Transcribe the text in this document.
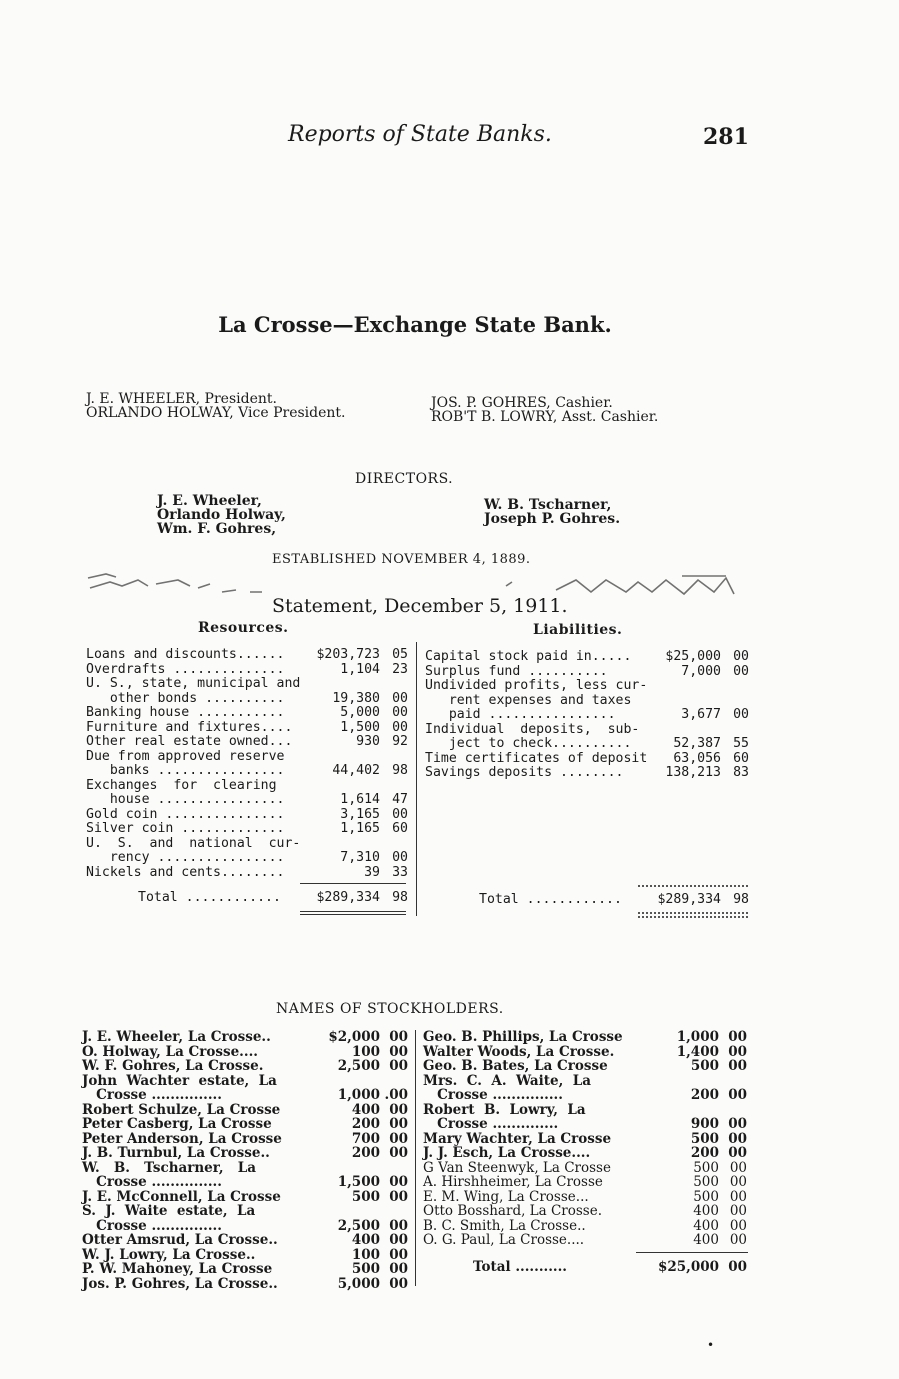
Reports of State Banks.	281
La Crosse—Exchange State Bank.
J. E. WHEELER, President.
ORLANDO HOLWAY, Vice President.
JOS. P. GOHRES, Cashier.
ROB'T B. LOWRY, Asst. Cashier.
DIRECTORS.
J. E. Wheeler,
Orlando Holway,
Wm. F. Gohres,
W. B. Tscharner,
Joseph P. Gohres.
ESTABLISHED NOVEMBER 4, 1889.
Statement, December 5, 1911.
Resources.
Loans and discounts...... $203,723 05
Overdrafts ..............	1,104 23
U. S., state, municipal and
other bonds ..........	19,380 00
Banking house ...........	5,000 00
Furniture and fixtures....	1,500 00
Other real estate owned...	930 92
Due from approved reserve
banks ................	44,402 98
Exchanges  for  clearing
house ................	1,614 47
Gold coin ...............	3,165 00
Silver coin .............	1,165 60
U.  S.  and  national  cur-
rency ................	7,310 00
Nickels and cents........	39 33
Total ............	$289,334 98
Liabilities.
Capital stock paid in.....	$25,000 00
Surplus fund ..........	7,000 00
Undivided profits, less cur-
rent expenses and taxes
paid ................	3,677 00
Individual  deposits,  sub-
ject to check..........	52,387 55
Time certificates of deposit 63,056 60
Savings deposits ........	138,213 83
Total ............	$289,334 98
NAMES OF STOCKHOLDERS.
J. E. Wheeler, La Crosse..	$2,000 00
O. Holway, La Crosse....	100 00
W. F. Gohres, La Crosse.	2,500 00
John  Wachter  estate,  La
Crosse ...............	1,000 .00
Robert Schulze, La Crosse	400 00
Peter Casberg, La Crosse	200 00
Peter Anderson, La Crosse	700 00
J. B. Turnbul, La Crosse..	200 00
W.   B.   Tscharner,   La
Crosse ...............	1,500 00
J. E. McConnell, La Crosse	500 00
S.  J.  Waite  estate,  La
Crosse ...............	2,500 00
Otter Amsrud, La Crosse..	400 00
W. J. Lowry, La Crosse..	100 00
P. W. Mahoney, La Crosse	500 00
Jos. P. Gohres, La Crosse..	5,000 00
Geo. B. Phillips, La Crosse	1,000 00
Walter Woods, La Crosse.	1,400 00
Geo. B. Bates, La Crosse	500 00
Mrs.  C.  A.  Waite,  La
Crosse ...............	200 00
Robert  B.  Lowry,  La
Crosse ..............	900 00
Mary Wachter, La Crosse	500 00
J. J. Esch, La Crosse....	200 00
G Van Steenwyk, La Crosse	500 00
A. Hirshheimer, La Crosse	500 00
E. M. Wing, La Crosse...	500 00
Otto Bosshard, La Crosse.	400 00
B. C. Smith, La Crosse..	400 00
O. G. Paul, La Crosse....	400 00
Total ...........	$25,000 00
•
